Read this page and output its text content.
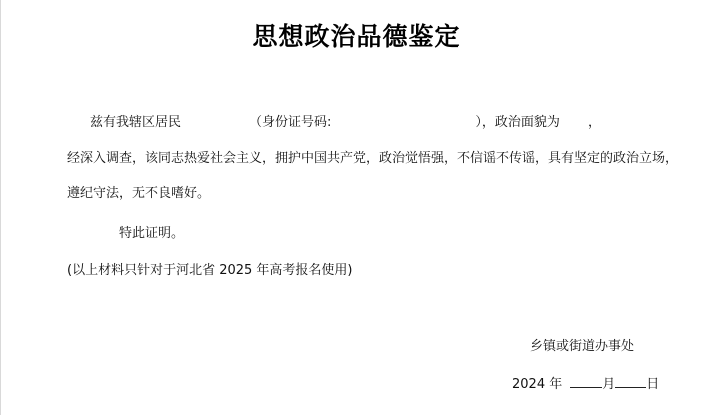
思想政治品德鉴定
兹有我辖区居民	（身份证号码:	），政治面貌为 ，
经深入调查，该同志热爱社会主义，拥护中国共产党，政治觉悟强，不信谣不传谣，具有坚定的政治立场，
遵纪守法，无不良嗜好。
特此证明。
(以上材料只针对于河北省 2025 年高考报名使用)
乡镇或街道办事处
2024 年	月 日
